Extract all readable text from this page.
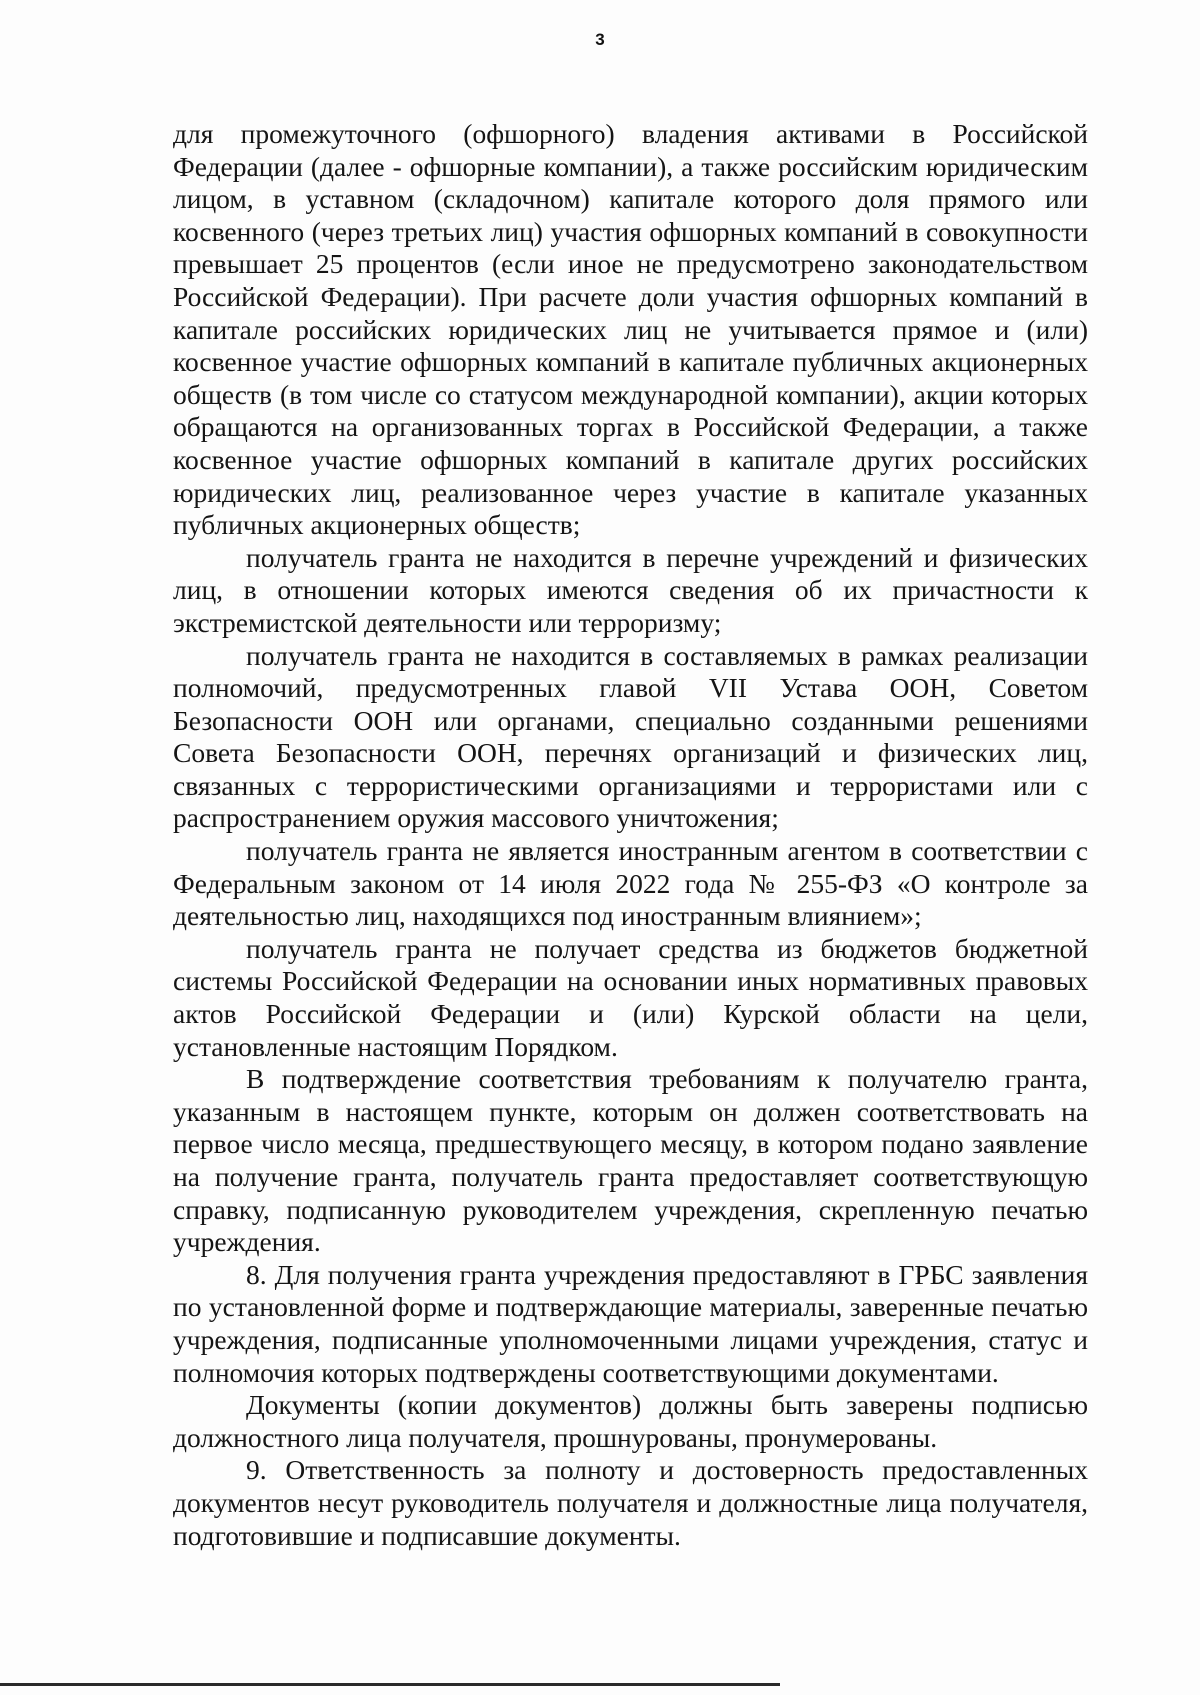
3

для промежуточного (офшорного) владения активами в Российской Федерации (далее - офшорные компании), а также российским юридическим лицом, в уставном (складочном) капитале которого доля прямого или косвенного (через третьих лиц) участия офшорных компаний в совокупности превышает 25 процентов (если иное не предусмотрено законодательством Российской Федерации). При расчете доли участия офшорных компаний в капитале российских юридических лиц не учитывается прямое и (или) косвенное участие офшорных компаний в капитале публичных акционерных обществ (в том числе со статусом международной компании), акции которых обращаются на организованных торгах в Российской Федерации, а также косвенное участие офшорных компаний в капитале других российских юридических лиц, реализованное через участие в капитале указанных публичных акционерных обществ;

получатель гранта не находится в перечне учреждений и физических лиц, в отношении которых имеются сведения об их причастности к экстремистской деятельности или терроризму;

получатель гранта не находится в составляемых в рамках реализации полномочий, предусмотренных главой VII Устава ООН, Советом Безопасности ООН или органами, специально созданными решениями Совета Безопасности ООН, перечнях организаций и физических лиц, связанных с террористическими организациями и террористами или с распространением оружия массового уничтожения;

получатель гранта не является иностранным агентом в соответствии с Федеральным законом от 14 июля 2022 года № 255-ФЗ «О контроле за деятельностью лиц, находящихся под иностранным влиянием»;

получатель гранта не получает средства из бюджетов бюджетной системы Российской Федерации на основании иных нормативных правовых актов Российской Федерации и (или) Курской области на цели, установленные настоящим Порядком.

В подтверждение соответствия требованиям к получателю гранта, указанным в настоящем пункте, которым он должен соответствовать на первое число месяца, предшествующего месяцу, в котором подано заявление на получение гранта, получатель гранта предоставляет соответствующую справку, подписанную руководителем учреждения, скрепленную печатью учреждения.

8. Для получения гранта учреждения предоставляют в ГРБС заявления по установленной форме и подтверждающие материалы, заверенные печатью учреждения, подписанные уполномоченными лицами учреждения, статус и полномочия которых подтверждены соответствующими документами.

Документы (копии документов) должны быть заверены подписью должностного лица получателя, прошнурованы, пронумерованы.

9. Ответственность за полноту и достоверность предоставленных документов несут руководитель получателя и должностные лица получателя, подготовившие и подписавшие документы.
